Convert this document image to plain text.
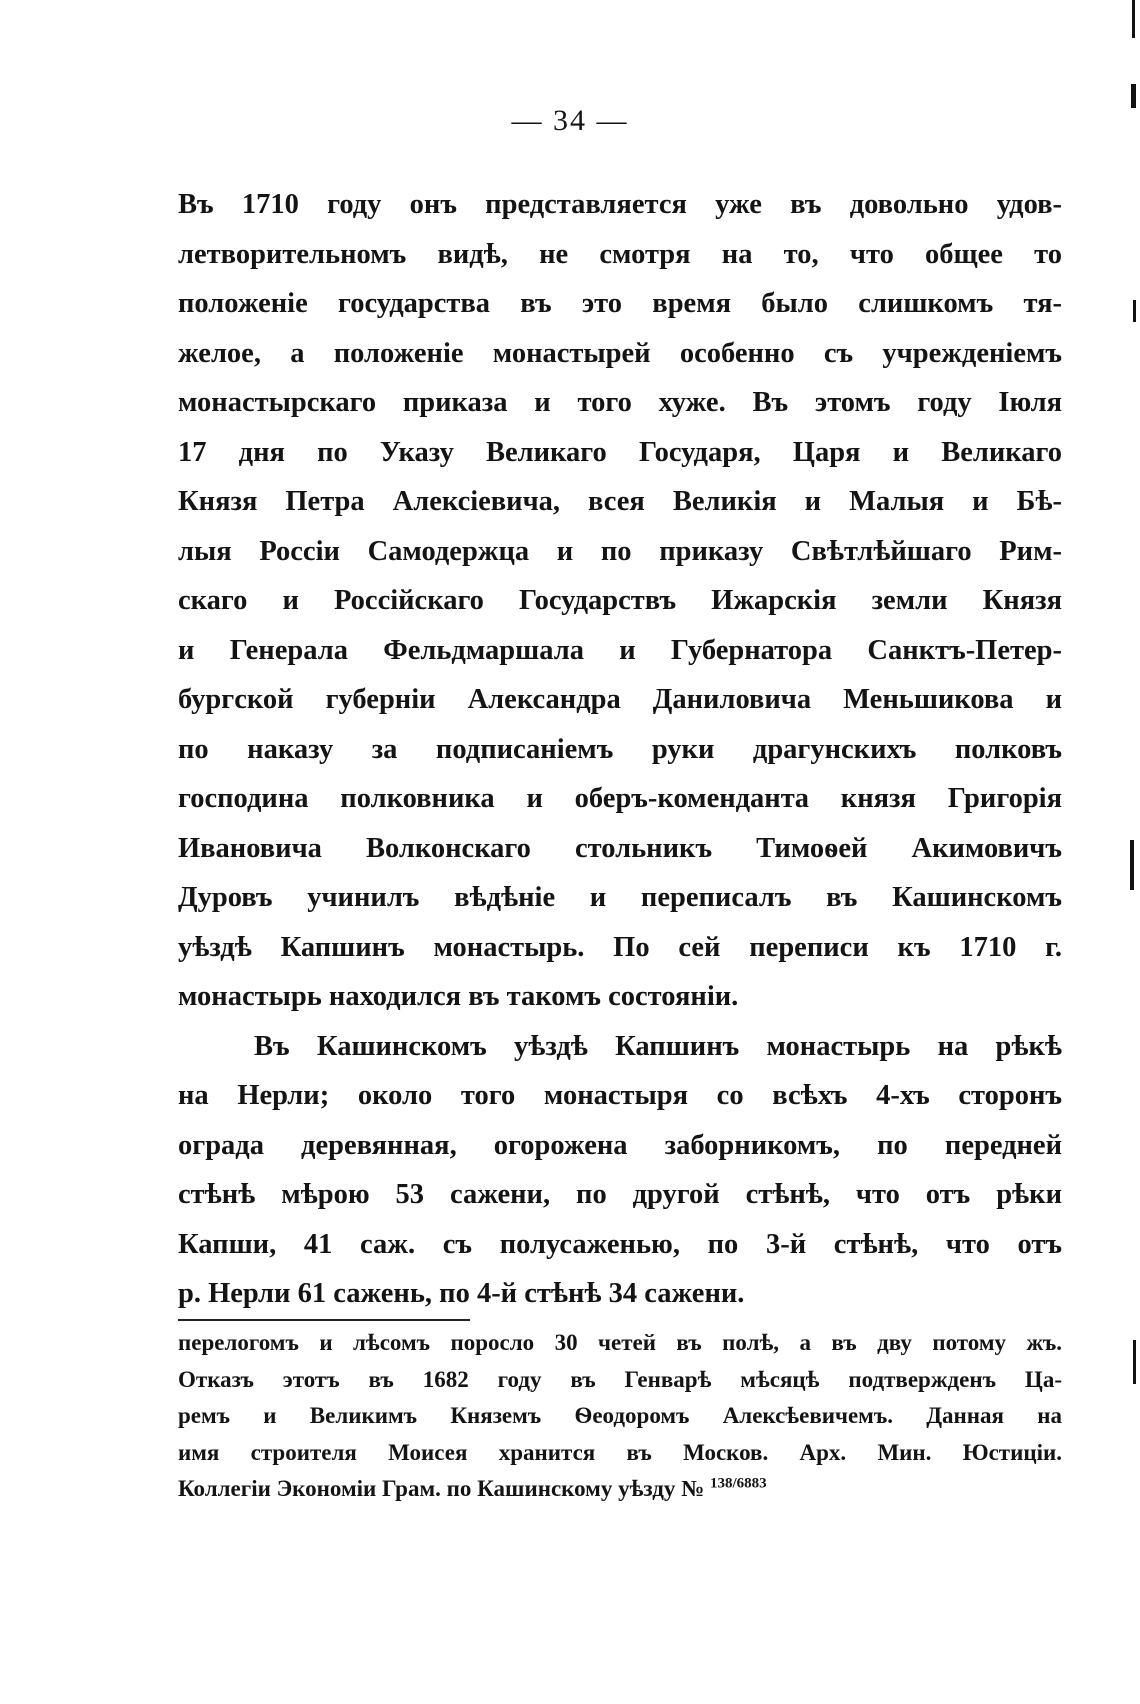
— 34 —
Въ 1710 году онъ представляется уже въ довольно удов-
летворительномъ видѣ, не смотря на то, что общее то
положеніе государства въ это время было слишкомъ тя-
желое, а положеніе монастырей особенно съ учрежденіемъ
монастырскаго приказа и того хуже. Въ этомъ году Іюля
17 дня по Указу Великаго Государя, Царя и Великаго
Князя Петра Алексіевича, всея Великія и Малыя и Бѣ-
лыя Россіи Самодержца и по приказу Свѣтлѣйшаго Рим-
скаго и Россійскаго Государствъ Ижарскія земли Князя
и Генерала Фельдмаршала и Губернатора Санктъ-Петер-
бургской губерніи Александра Даниловича Меньшикова и
по наказу за подписаніемъ руки драгунскихъ полковъ
господина полковника и оберъ-комендантa князя Григорія
Ивановича Волконскаго стольникъ Тимоѳей Акимовичъ
Дуровъ учинилъ вѣдѣніе и переписалъ въ Кашинскомъ
уѣздѣ Капшинъ монастырь. По сей переписи къ 1710 г.
монастырь находился въ такомъ состояніи.
Въ Кашинскомъ уѣздѣ Капшинъ монастырь на рѣкѣ
на Нерли; около того монастыря со всѣхъ 4-хъ сторонъ
ограда деревянная, огорожена заборникомъ, по передней
стѣнѣ мѣрою 53 сажени, по другой стѣнѣ, что отъ рѣки
Капши, 41 саж. съ полусаженью, по 3-й стѣнѣ, что отъ
р. Нерли 61 сажень, по 4-й стѣнѣ 34 сажени.
перелогомъ и лѣсомъ поросло 30 четей въ полѣ, а въ дву потому жъ.
Отказъ этотъ въ 1682 году въ Генварѣ мѣсяцѣ подтвержденъ Ца-
ремъ и Великимъ Княземъ Ѳеодоромъ Алексѣевичемъ. Данная на
имя строителя Моисея хранится въ Москов. Арх. Мин. Юстиціи.
Коллегіи Экономіи Грам. по Кашинскому уѣзду № $^{138/6883}$
